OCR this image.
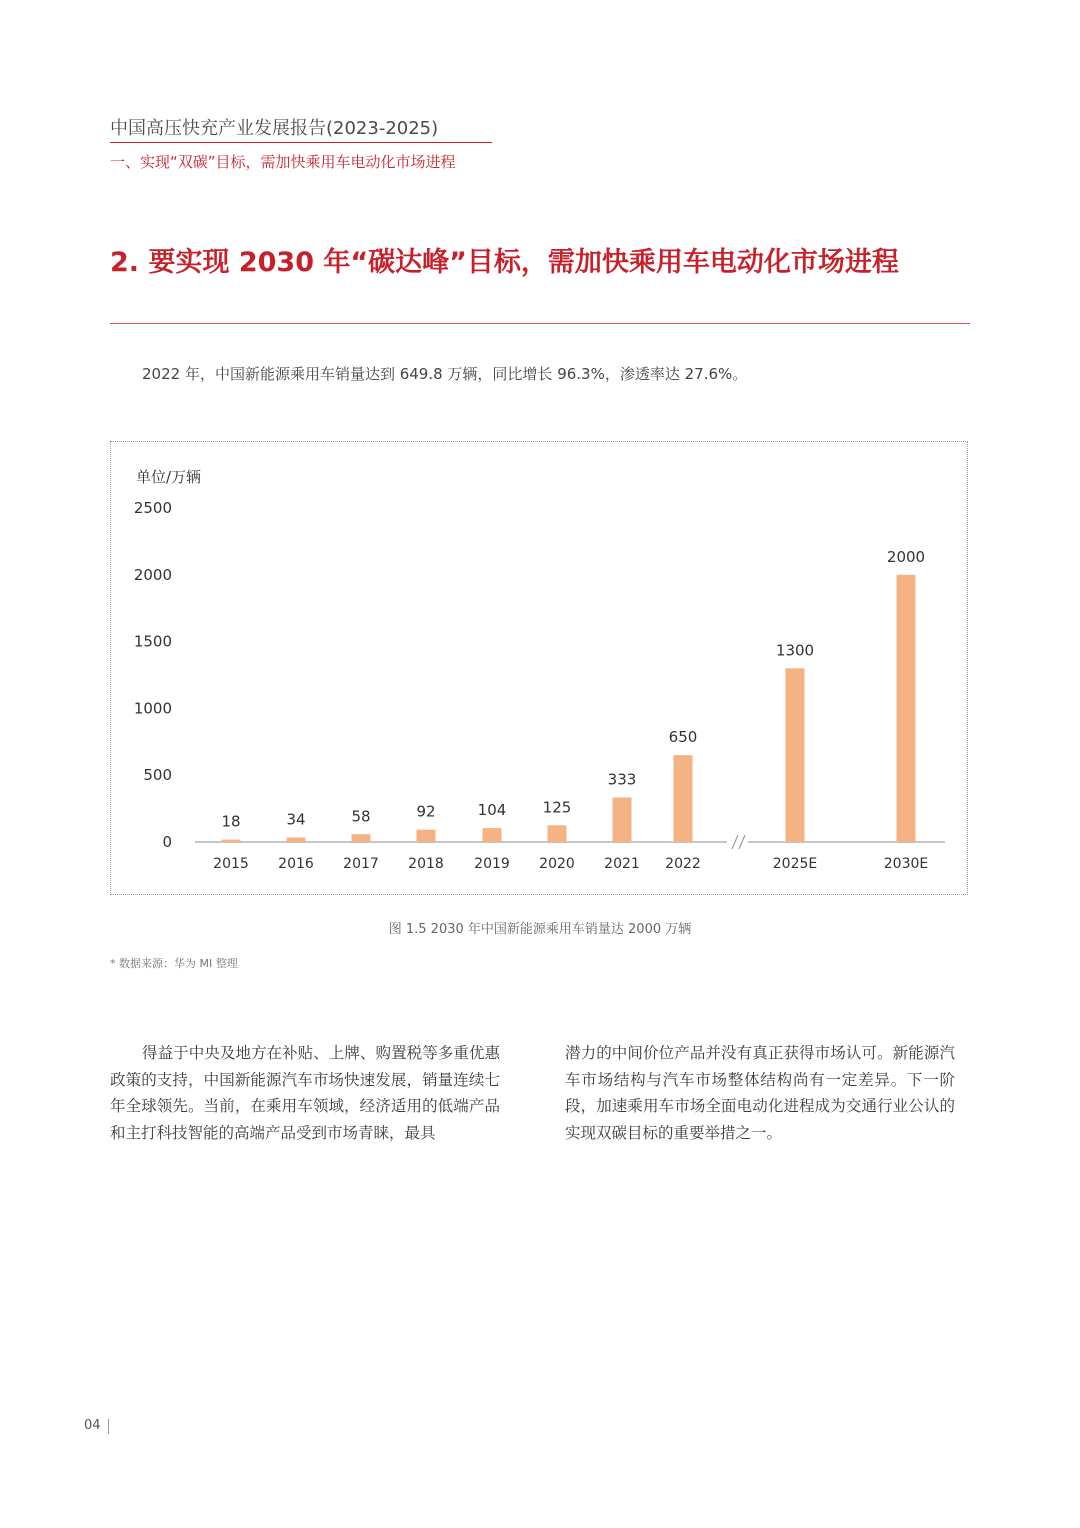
中国高压快充产业发展报告(2023-2025)
一、实现“双碳”目标，需加快乘用车电动化市场进程
2. 要实现 2030 年“碳达峰”目标，需加快乘用车电动化市场进程
2022 年，中国新能源乘用车销量达到 649.8 万辆，同比增长 96.3%，渗透率达 27.6%。
单位/万辆
0
500
1000
1500
2000
2500
18
2015
34
2016
58
2017
92
2018
104
2019
125
2020
333
2021
650
2022
1300
2025E
2000
2030E
图 1.5 2030 年中国新能源乘用车销量达 2000 万辆
* 数据来源：华为 MI 整理
得益于中央及地方在补贴、上牌、购置税等多重优惠政策的支持，中国新能源汽车市场快速发展，销量连续七年全球领先。当前，在乘用车领域，经济适用的低端产品和主打科技智能的高端产品受到市场青睐，最具
潜力的中间价位产品并没有真正获得市场认可。新能源汽车市场结构与汽车市场整体结构尚有一定差异。下一阶段，加速乘用车市场全面电动化进程成为交通行业公认的实现双碳目标的重要举措之一。
04
